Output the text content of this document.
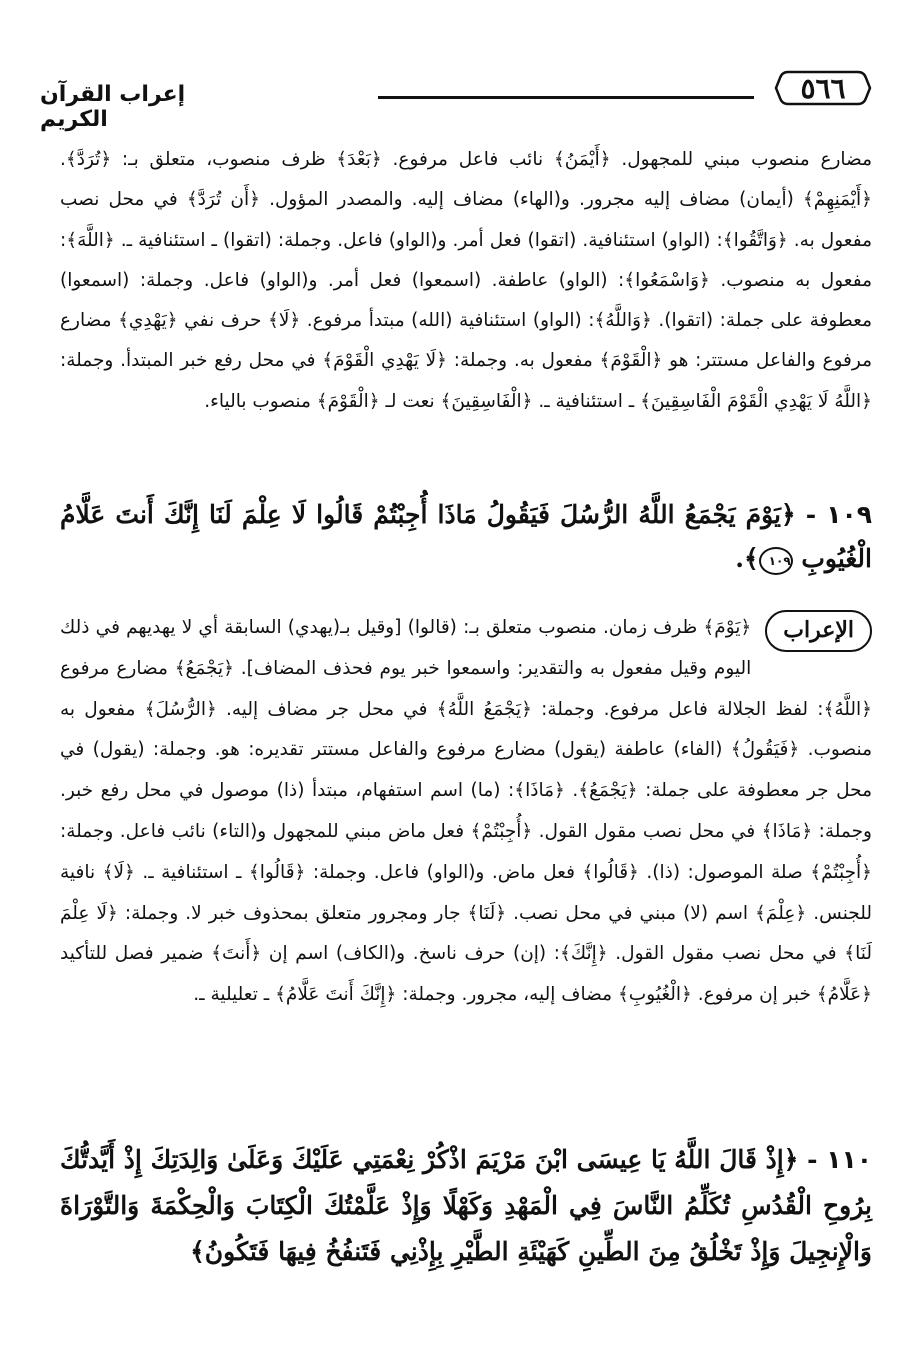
٥٦٦
إعراب القرآن الكريم

مضارع منصوب مبني للمجهول. ﴿أَيْمَنُ﴾ نائب فاعل مرفوع. ﴿بَعْدَ﴾ ظرف منصوب، متعلق بـ: ﴿تُرَدَّ﴾. ﴿أَيْمَنِهِمْ﴾ (أيمان) مضاف إليه مجرور. و(الهاء) مضاف إليه. والمصدر المؤول. ﴿أَن تُرَدَّ﴾ في محل نصب مفعول به. ﴿وَاتَّقُوا﴾: (الواو) استئنافية. (اتقوا) فعل أمر. و(الواو) فاعل. وجملة: (اتقوا) ـ استئنافية ـ. ﴿اللَّهَ﴾: مفعول به منصوب. ﴿وَاسْمَعُوا﴾: (الواو) عاطفة. (اسمعوا) فعل أمر. و(الواو) فاعل. وجملة: (اسمعوا) معطوفة على جملة: (اتقوا). ﴿وَاللَّهُ﴾: (الواو) استئنافية (الله) مبتدأ مرفوع. ﴿لَا﴾ حرف نفي ﴿يَهْدِي﴾ مضارع مرفوع والفاعل مستتر: هو ﴿الْقَوْمَ﴾ مفعول به. وجملة: ﴿لَا يَهْدِي الْقَوْمَ﴾ في محل رفع خبر المبتدأ. وجملة: ﴿اللَّهُ لَا يَهْدِي الْقَوْمَ الْفَاسِقِينَ﴾ ـ استئنافية ـ. ﴿الْفَاسِقِينَ﴾ نعت لـ ﴿الْقَوْمَ﴾ منصوب بالياء.

١٠٩ - ﴿يَوْمَ يَجْمَعُ اللَّهُ الرُّسُلَ فَيَقُولُ مَاذَا أُجِبْتُمْ قَالُوا لَا عِلْمَ لَنَا إِنَّكَ أَنتَ عَلَّامُ الْغُيُوبِ ١٠٩﴾.

الإعراب

﴿يَوْمَ﴾ ظرف زمان. منصوب متعلق بـ: (قالوا) [وقيل بـ(يهدي) السابقة أي لا يهديهم في ذلك اليوم وقيل مفعول به والتقدير: واسمعوا خبر يوم فحذف المضاف]. ﴿يَجْمَعُ﴾ مضارع مرفوع ﴿اللَّهُ﴾: لفظ الجلالة فاعل مرفوع. وجملة: ﴿يَجْمَعُ اللَّهُ﴾ في محل جر مضاف إليه. ﴿الرُّسُلَ﴾ مفعول به منصوب. ﴿فَيَقُولُ﴾ (الفاء) عاطفة (يقول) مضارع مرفوع والفاعل مستتر تقديره: هو. وجملة: (يقول) في محل جر معطوفة على جملة: ﴿يَجْمَعُ﴾. ﴿مَاذَا﴾: (ما) اسم استفهام، مبتدأ (ذا) موصول في محل رفع خبر. وجملة: ﴿مَاذَا﴾ في محل نصب مقول القول. ﴿أُجِبْتُمْ﴾ فعل ماض مبني للمجهول و(التاء) نائب فاعل. وجملة: ﴿أُجِبْتُمْ﴾ صلة الموصول: (ذا). ﴿قَالُوا﴾ فعل ماض. و(الواو) فاعل. وجملة: ﴿قَالُوا﴾ ـ استئنافية ـ. ﴿لَا﴾ نافية للجنس. ﴿عِلْمَ﴾ اسم (لا) مبني في محل نصب. ﴿لَنَا﴾ جار ومجرور متعلق بمحذوف خبر لا. وجملة: ﴿لَا عِلْمَ لَنَا﴾ في محل نصب مقول القول. ﴿إِنَّكَ﴾: (إن) حرف ناسخ. و(الكاف) اسم إن ﴿أَنتَ﴾ ضمير فصل للتأكيد ﴿عَلَّامُ﴾ خبر إن مرفوع. ﴿الْغُيُوبِ﴾ مضاف إليه، مجرور. وجملة: ﴿إِنَّكَ أَنتَ عَلَّامُ﴾ ـ تعليلية ـ.

١١٠ - ﴿إِذْ قَالَ اللَّهُ يَا عِيسَى ابْنَ مَرْيَمَ اذْكُرْ نِعْمَتِي عَلَيْكَ وَعَلَىٰ وَالِدَتِكَ إِذْ أَيَّدتُّكَ بِرُوحِ الْقُدُسِ تُكَلِّمُ النَّاسَ فِي الْمَهْدِ وَكَهْلًا وَإِذْ عَلَّمْتُكَ الْكِتَابَ وَالْحِكْمَةَ وَالتَّوْرَاةَ وَالْإِنجِيلَ وَإِذْ تَخْلُقُ مِنَ الطِّينِ كَهَيْئَةِ الطَّيْرِ بِإِذْنِي فَتَنفُخُ فِيهَا فَتَكُونُ﴾
